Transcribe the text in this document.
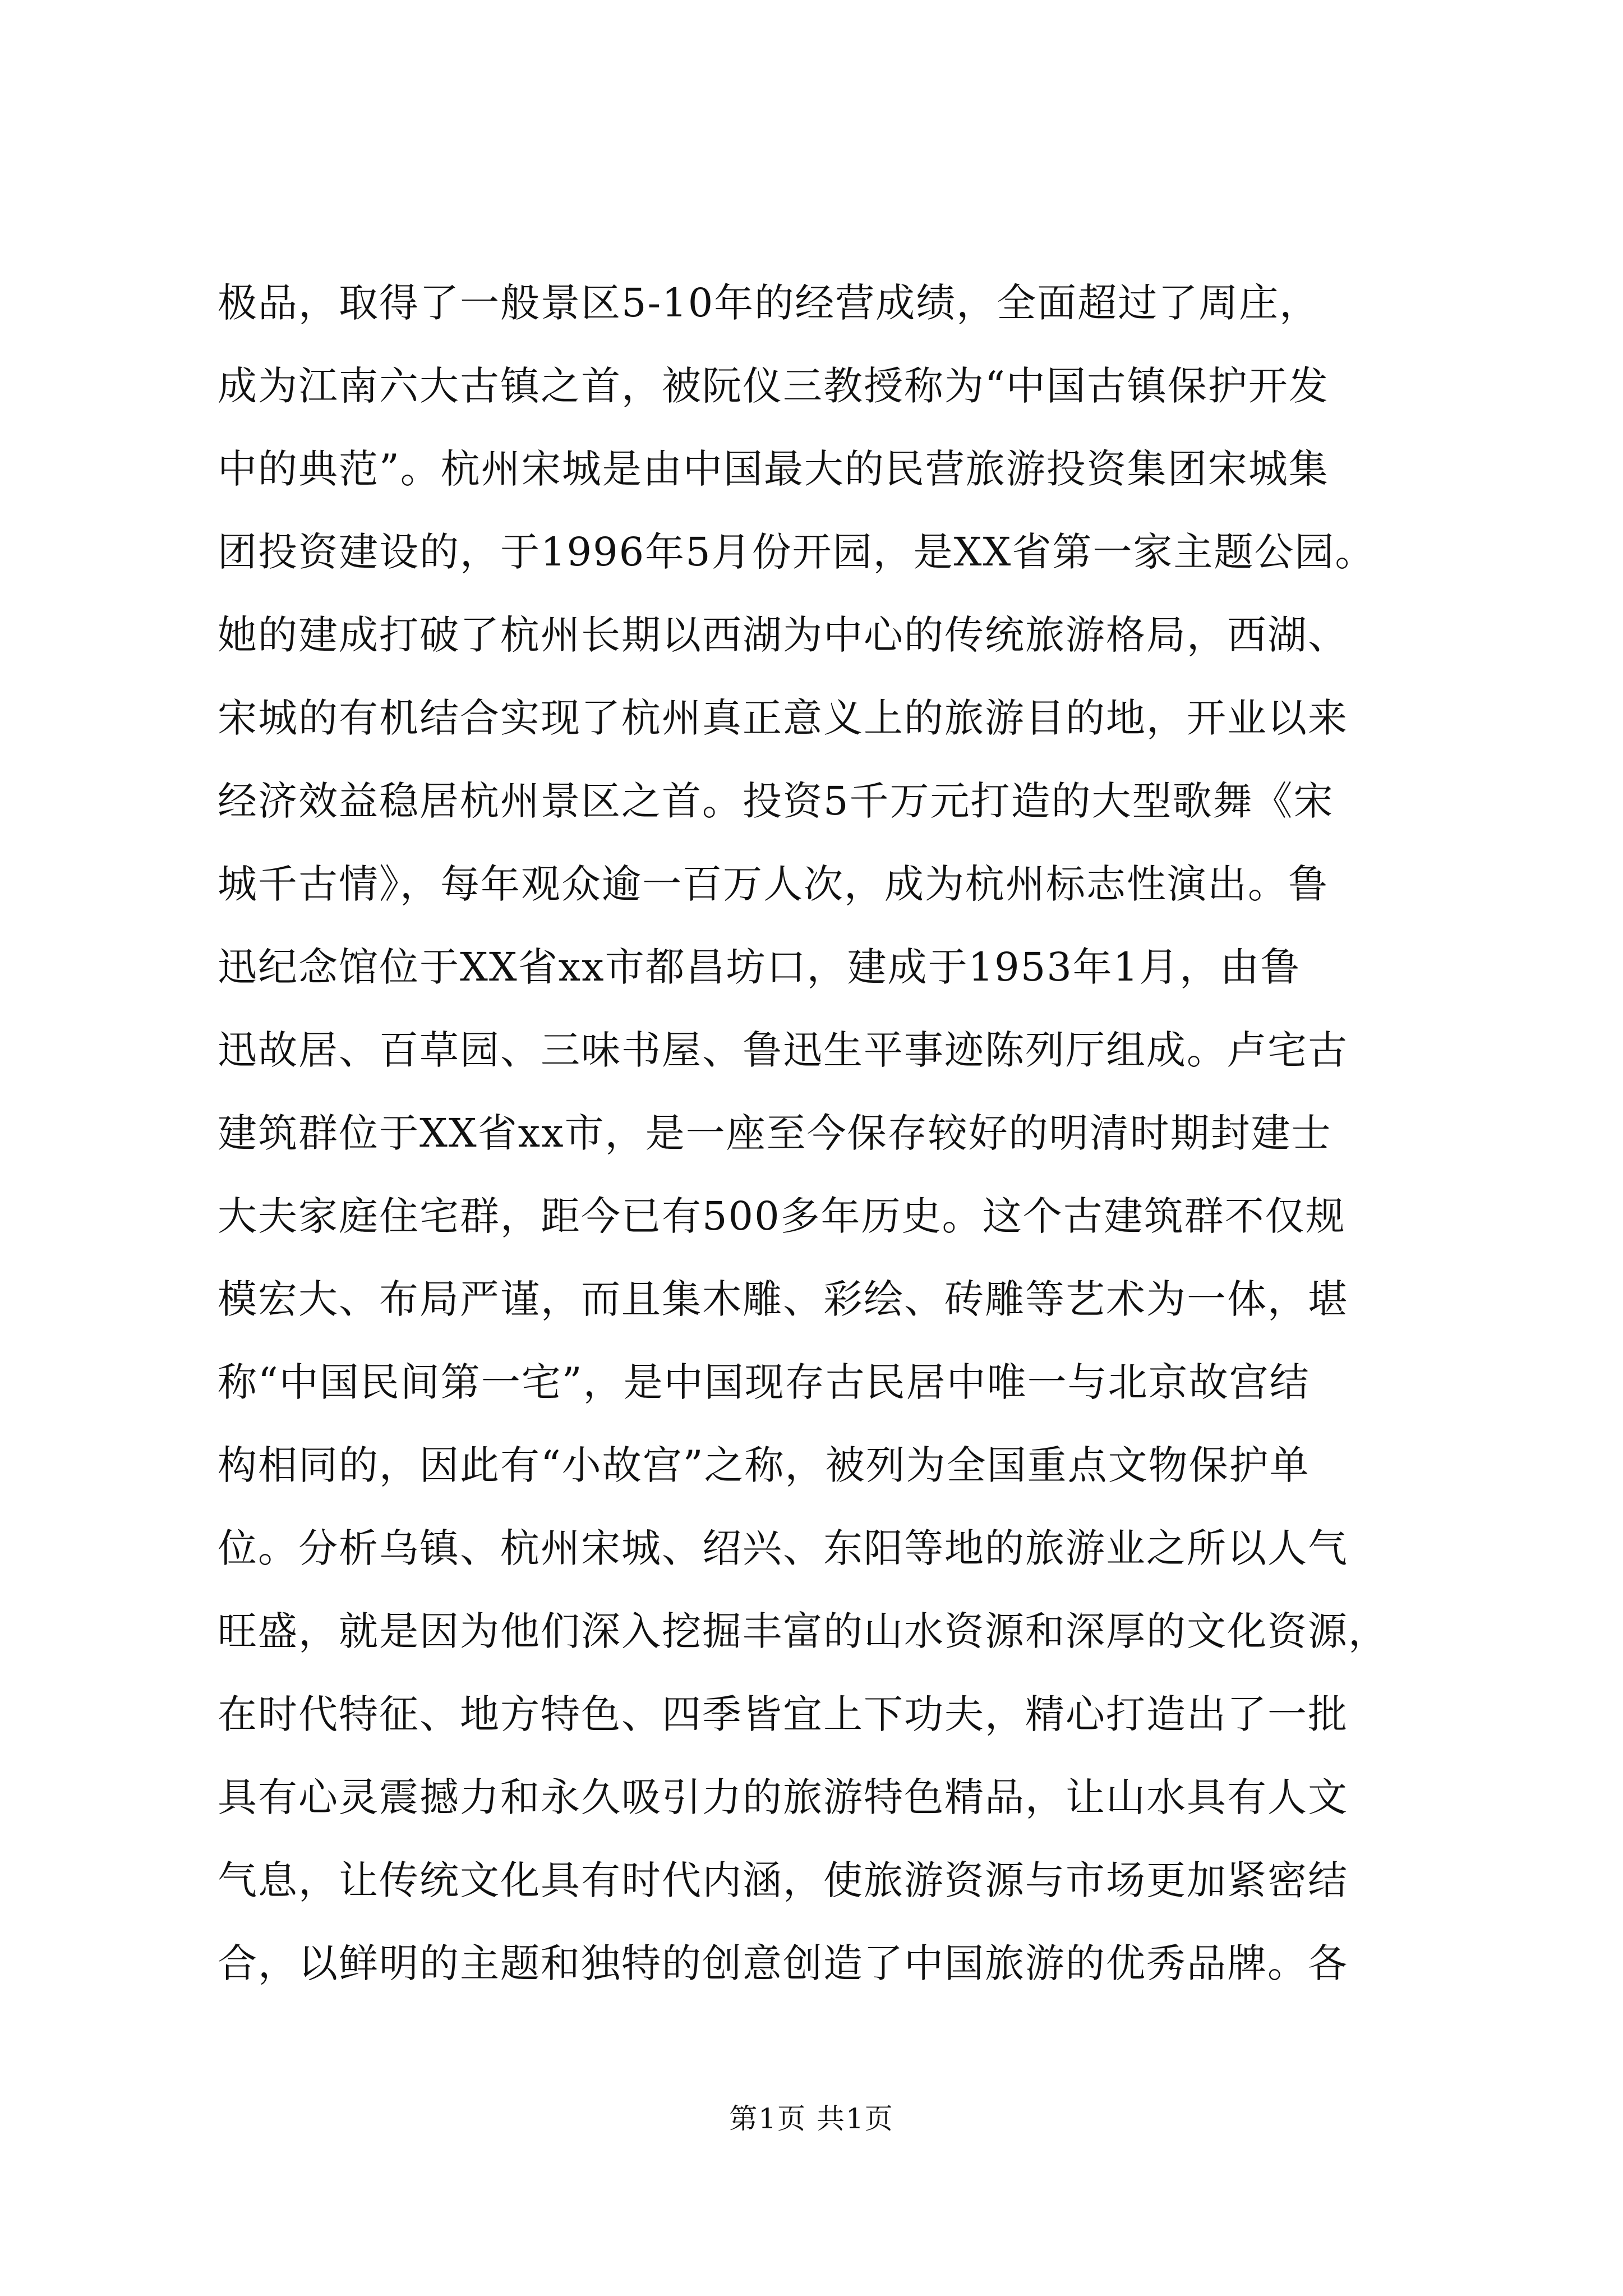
极品，取得了一般景区5-10年的经营成绩，全面超过了周庄，
成为江南六大古镇之首，被阮仪三教授称为“中国古镇保护开发
中的典范”。杭州宋城是由中国最大的民营旅游投资集团宋城集
团投资建设的，于1996年5月份开园，是XX省第一家主题公园。
她的建成打破了杭州长期以西湖为中心的传统旅游格局，西湖、
宋城的有机结合实现了杭州真正意义上的旅游目的地，开业以来
经济效益稳居杭州景区之首。投资5千万元打造的大型歌舞《宋
城千古情》，每年观众逾一百万人次，成为杭州标志性演出。鲁
迅纪念馆位于XX省xx市都昌坊口，建成于1953年1月，由鲁
迅故居、百草园、三味书屋、鲁迅生平事迹陈列厅组成。卢宅古
建筑群位于XX省xx市，是一座至今保存较好的明清时期封建士
大夫家庭住宅群，距今已有500多年历史。这个古建筑群不仅规
模宏大、布局严谨，而且集木雕、彩绘、砖雕等艺术为一体，堪
称“中国民间第一宅”，是中国现存古民居中唯一与北京故宫结
构相同的，因此有“小故宫”之称，被列为全国重点文物保护单
位。分析乌镇、杭州宋城、绍兴、东阳等地的旅游业之所以人气
旺盛，就是因为他们深入挖掘丰富的山水资源和深厚的文化资源，
在时代特征、地方特色、四季皆宜上下功夫，精心打造出了一批
具有心灵震撼力和永久吸引力的旅游特色精品，让山水具有人文
气息，让传统文化具有时代内涵，使旅游资源与市场更加紧密结
合，以鲜明的主题和独特的创意创造了中国旅游的优秀品牌。各
第1页 共1页
